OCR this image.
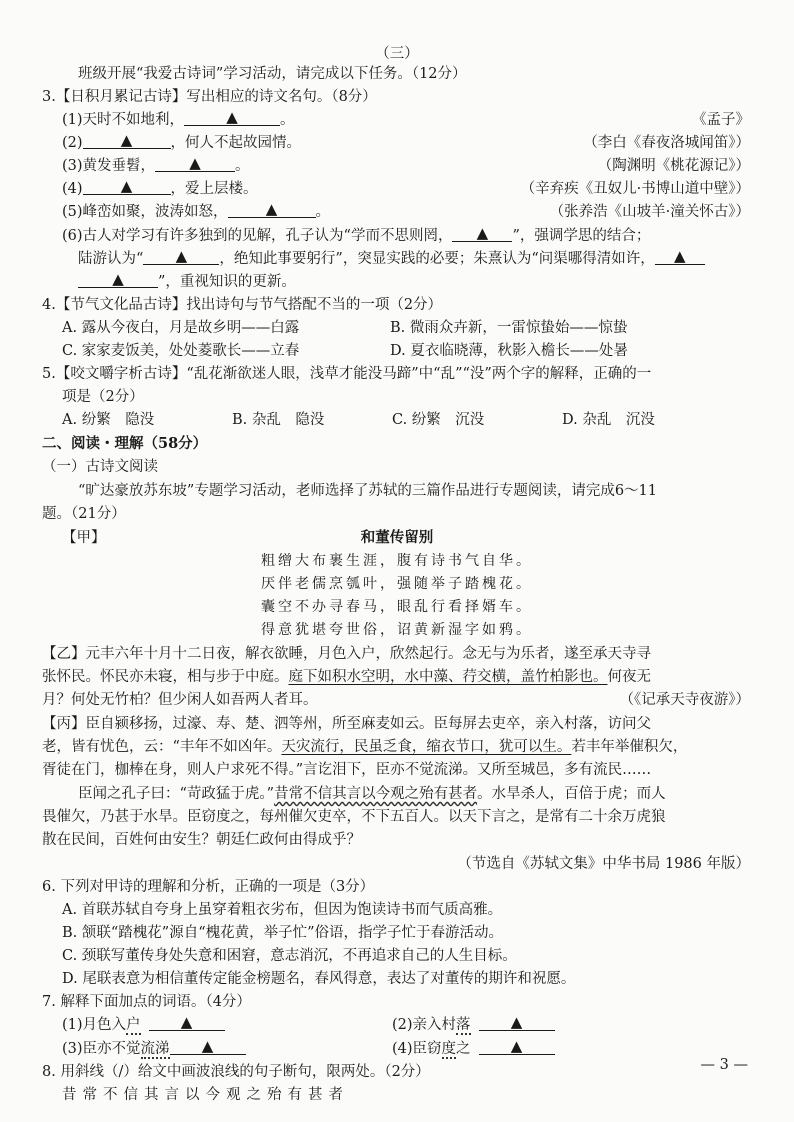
（三）
班级开展“我爱古诗词”学习活动，请完成以下任务。（12分）
3.【日积月累记古诗】写出相应的诗文名句。（8分）
(1)天时不如地利， ▲	。	《孟子》
(2) ▲	，何人不起故园情。	（李白《春夜洛城闻笛》）
(3)黄发垂髫， ▲	。	（陶渊明《桃花源记》）
(4) ▲	，爱上层楼。	（辛弃疾《丑奴儿·书博山道中壁》）
(5)峰峦如聚，波涛如怒， ▲	。	（张养浩《山坡羊·潼关怀古》）
(6)古人对学习有许多独到的见解，孔子认为“学而不思则罔， ▲	”，强调学思的结合；
陆游认为“ ▲	，绝知此事要躬行”，突显实践的必要；朱熹认为“问渠哪得清如许，▲
▲”，重视知识的更新。
4.【节气文化品古诗】找出诗句与节气搭配不当的一项（2分）
A. 露从今夜白，月是故乡明——白露	B. 微雨众卉新，一雷惊蛰始——惊蛰
C. 家家麦饭美，处处菱歌长——立春	D. 夏衣临晓薄，秋影入檐长——处暑
5.【咬文嚼字析古诗】“乱花渐欲迷人眼，浅草才能没马蹄”中“乱”“没”两个字的解释，正确的一
项是（2分）
A. 纷繁　隐没	B. 杂乱　隐没	C. 纷繁　沉没	D. 杂乱　沉没
二、阅读・理解（58分）
（一）古诗文阅读
“旷达豪放苏东坡”专题学习活动，老师选择了苏轼的三篇作品进行专题阅读，请完成6～11
题。（21分）
【甲】	和董传留别
粗缯大布裹生涯，腹有诗书气自华。
厌伴老儒烹瓠叶，强随举子踏槐花。
囊空不办寻春马，眼乱行看择婿车。
得意犹堪夸世俗，诏黄新湿字如鸦。
【乙】元丰六年十月十二日夜，解衣欲睡，月色入户，欣然起行。念无与为乐者，遂至承天寺寻
张怀民。怀民亦未寝，相与步于中庭。庭下如积水空明，水中藻、荇交横，盖竹柏影也。何夜无
月？何处无竹柏？但少闲人如吾两人者耳。	（《记承天寺夜游》）
【丙】臣自颍移扬，过濠、寿、楚、泗等州，所至麻麦如云。臣每屏去吏卒，亲入村落，访问父
老，皆有忧色，云：“丰年不如凶年。天灾流行，民虽乏食，缩衣节口，犹可以生。若丰年举催积欠，
胥徒在门，枷棒在身，则人户求死不得。”言讫泪下，臣亦不觉流涕。又所至城邑，多有流民……
臣闻之孔子曰：“苛政猛于虎。”昔常不信其言以今观之殆有甚者。水旱杀人，百倍于虎；而人
畏催欠，乃甚于水旱。臣窃度之，每州催欠吏卒，不下五百人。以天下言之，是常有二十余万虎狼
散在民间，百姓何由安生？朝廷仁政何由得成乎？
（节选自《苏轼文集》中华书局 1986 年版）
6. 下列对甲诗的理解和分析，正确的一项是（3分）
A. 首联苏轼自夸身上虽穿着粗衣劣布，但因为饱读诗书而气质高雅。
B. 颔联“踏槐花”源自“槐花黄，举子忙”俗语，指学子忙于春游活动。
C. 颈联写董传身处失意和困窘，意志消沉，不再追求自己的人生目标。
D. 尾联表意为相信董传定能金榜题名，春风得意，表达了对董传的期许和祝愿。
7. 解释下面加点的词语。（4分）
(1)月色入户 ▲	(2)亲入村落▲
(3)臣亦不觉流涕 ▲	(4)臣窃度之▲
8. 用斜线（/）给文中画波浪线的句子断句，限两处。（2分）
昔常不信其言以今观之殆有甚者
— 3 —
